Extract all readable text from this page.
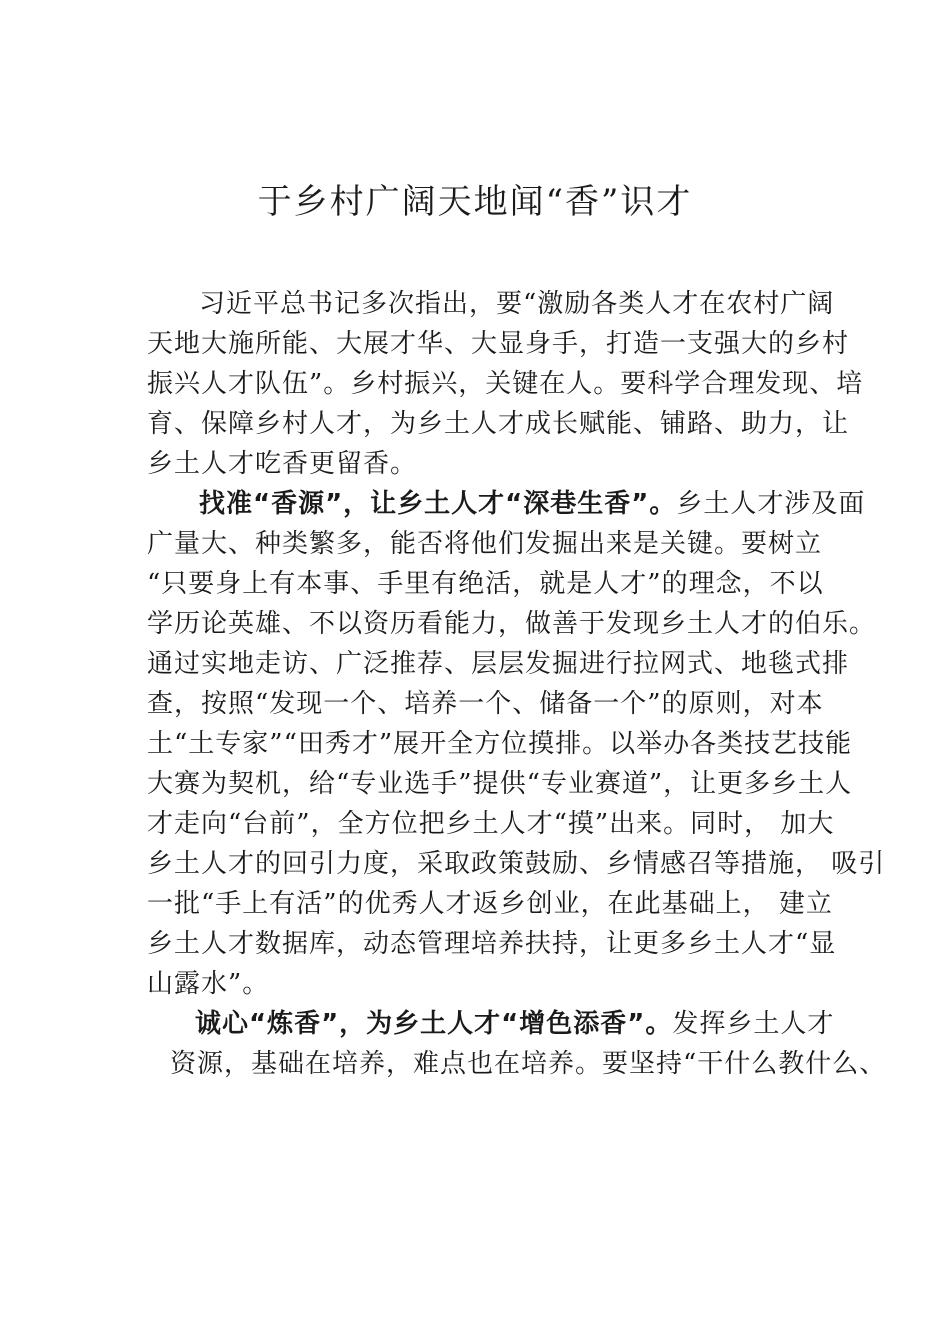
于乡村广阔天地闻“香”识才
习近平总书记多次指出，要“激励各类人才在农村广阔
天地大施所能、大展才华、大显身手，打造一支强大的乡村
振兴人才队伍”。乡村振兴，关键在人。要科学合理发现、培
育、保障乡村人才，为乡土人才成长赋能、铺路、助力，让
乡土人才吃香更留香。
找准“香源”，让乡土人才“深巷生香”。乡土人才涉及面
广量大、种类繁多，能否将他们发掘出来是关键。要树立
“只要身上有本事、手里有绝活，就是人才”的理念，不以
学历论英雄、不以资历看能力，做善于发现乡土人才的伯乐。
通过实地走访、广泛推荐、层层发掘进行拉网式、地毯式排
查，按照“发现一个、培养一个、储备一个”的原则，对本
土“土专家”“田秀才”展开全方位摸排。以举办各类技艺技能
大赛为契机，给“专业选手”提供“专业赛道”，让更多乡土人
才走向“台前”，全方位把乡土人才“摸”出来。同时， 加大
乡土人才的回引力度，采取政策鼓励、乡情感召等措施， 吸引
一批“手上有活”的优秀人才返乡创业，在此基础上， 建立
乡土人才数据库，动态管理培养扶持，让更多乡土人才“显
山露水”。
诚心“炼香”，为乡土人才“增色添香”。发挥乡土人才
资源，基础在培养，难点也在培养。要坚持“干什么教什么、
